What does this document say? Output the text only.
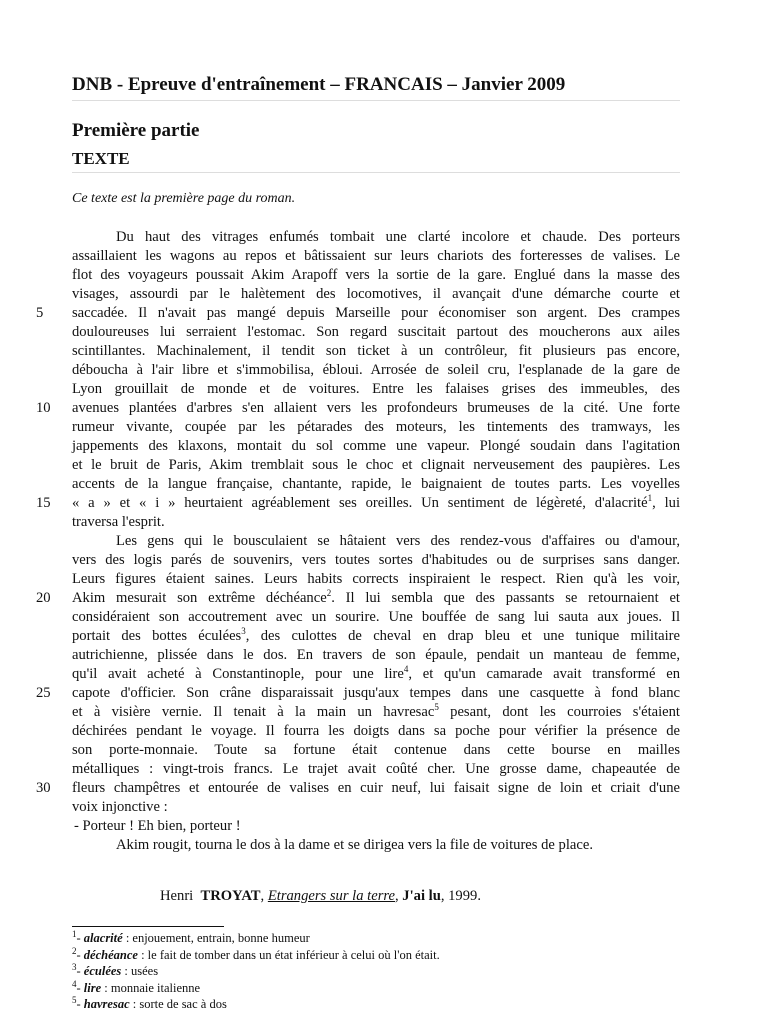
DNB - Epreuve d'entraînement – FRANCAIS – Janvier 2009
Première partie
TEXTE
Ce texte est la première page du roman.
Du haut des vitrages enfumés tombait une clarté incolore et chaude. Des porteurs
assaillaient les wagons au repos et bâtissaient sur leurs chariots des forteresses de valises. Le
flot des voyageurs poussait Akim Arapoff vers la sortie de la gare. Englué dans la masse des
visages, assourdi par le halètement des locomotives, il avançait d'une démarche courte et
5	saccadée. Il n'avait pas mangé depuis Marseille pour économiser son argent. Des crampes
douloureuses lui serraient l'estomac. Son regard suscitait partout des moucherons aux ailes
scintillantes. Machinalement, il tendit son ticket à un contrôleur, fit plusieurs pas encore,
déboucha à l'air libre et s'immobilisa, ébloui. Arrosée de soleil cru, l'esplanade de la gare de
Lyon grouillait de monde et de voitures. Entre les falaises grises des immeubles, des
10	avenues plantées d'arbres s'en allaient vers les profondeurs brumeuses de la cité. Une forte
rumeur vivante, coupée par les pétarades des moteurs, les tintements des tramways, les
jappements des klaxons, montait du sol comme une vapeur. Plongé soudain dans l'agitation
et le bruit de Paris, Akim tremblait sous le choc et clignait nerveusement des paupières. Les
accents de la langue française, chantante, rapide, le baignaient de toutes parts. Les voyelles
15	« a » et « i » heurtaient agréablement ses oreilles. Un sentiment de légèreté, d'alacrité$^1$, lui
traversa l'esprit.
Les gens qui le bousculaient se hâtaient vers des rendez-vous d'affaires ou d'amour,
vers des logis parés de souvenirs, vers toutes sortes d'habitudes ou de surprises sans danger.
Leurs figures étaient saines. Leurs habits corrects inspiraient le respect. Rien qu'à les voir,
20	Akim mesurait son extrême déchéance$^2$. Il lui sembla que des passants se retournaient et
considéraient son accoutrement avec un sourire. Une bouffée de sang lui sauta aux joues. Il
portait des bottes éculées$^3$, des culottes de cheval en drap bleu et une tunique militaire
autrichienne, plissée dans le dos. En travers de son épaule, pendait un manteau de femme,
qu'il avait acheté à Constantinople, pour une lire$^4$, et qu'un camarade avait transformé en
25	capote d'officier. Son crâne disparaissait jusqu'aux tempes dans une casquette à fond blanc
et à visière vernie. Il tenait à la main un havresac$^5$ pesant, dont les courroies s'étaient
déchirées pendant le voyage. Il fourra les doigts dans sa poche pour vérifier la présence de
son porte-monnaie. Toute sa fortune était contenue dans cette bourse en mailles
métalliques : vingt-trois francs. Le trajet avait coûté cher. Une grosse dame, chapeautée de
30	fleurs champêtres et entourée de valises en cuir neuf, lui faisait signe de loin et criait d'une
voix injonctive :
- Porteur ! Eh bien, porteur !
Akim rougit, tourna le dos à la dame et se dirigea vers la file de voitures de place.
Henri TROYAT, Etrangers sur la terre, J'ai lu, 1999.
$^1$- alacrité : enjouement, entrain, bonne humeur
$^2$- déchéance : le fait de tomber dans un état inférieur à celui où l'on était.
$^3$- éculées : usées
$^4$- lire : monnaie italienne
$^5$- havresac : sorte de sac à dos
